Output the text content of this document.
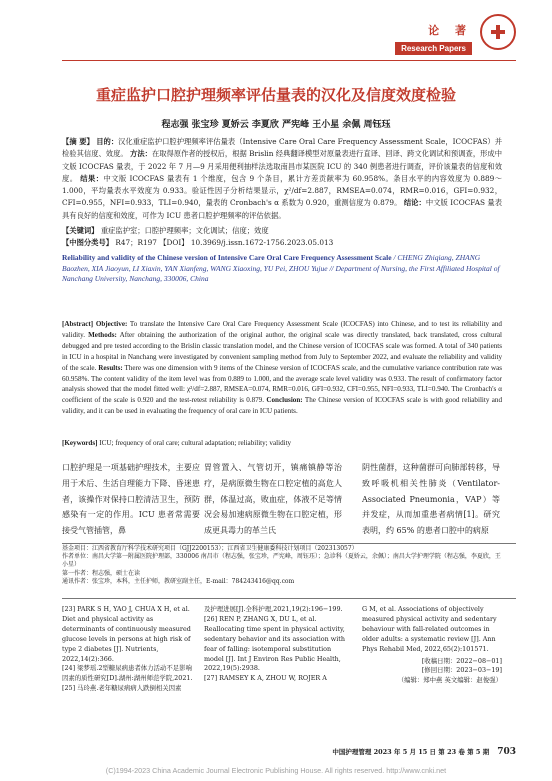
论 著
Research Papers
重症监护口腔护理频率评估量表的汉化及信度效度检验
程志强 张宝珍 夏娇云 李夏欣 严宪峰 王小星 余佩 周钰珏
【摘 要】 目的：汉化重症监护口腔护理频率评估量表（Intensive Care Oral Care Frequency Assessment Scale，ICOCFAS）并检验其信度、效度。 方法：在取得原作者的授权后，根据 Brislin 经典翻译模型对原量表进行直译、回译、跨文化调试和预调查，形成中文版 ICOCFAS 量表，于 2022 年 7 月—9 月采用便利抽样法选取南昌市某医院 ICU 的 340 例患者进行调查，评价该量表的信度和效度。 结果：中文版 ICOCFAS 量表有 1 个维度，包含 9 个条目，累计方差贡献率为 60.958%。条目水平的内容效度为 0.889～1.000，平均量表水平效度为 0.933。验证性因子分析结果显示，χ²/df=2.887，RMSEA=0.074，RMR=0.016，GFI=0.932，CFI=0.955，NFI=0.933，TLI=0.940，量表的 Cronbach's α 系数为 0.920，重测信度为 0.879。 结论：中文版 ICOCFAS 量表具有良好的信度和效度，可作为 ICU 患者口腔护理频率的评估依据。
【关键词】 重症监护室；口腔护理频率；文化调试；信度；效度
【中图分类号】 R47；R197 【DOI】 10.3969/j.issn.1672-1756.2023.05.013
Reliability and validity of the Chinese version of Intensive Care Oral Care Frequency Assessment Scale / CHENG Zhiqiang, ZHANG Baozhen, XIA Jiaoyun, LI Xiaxin, YAN Xianfeng, WANG Xiaoxing, YU Pei, ZHOU Yujue // Department of Nursing, the First Affiliated Hospital of Nanchang University, Nanchang, 330006, China
[Abstract] Objective: To translate the Intensive Care Oral Care Frequency Assessment Scale (ICOCFAS) into Chinese, and to test its reliability and validity. Methods: After obtaining the authorization of the original author, the original scale was directly translated, back translated, cross cultural debugged and pre tested according to the Brislin classic translation model, and the Chinese version of ICOCFAS scale was formed. A total of 340 patients in ICU in a hospital in Nanchang were investigated by convenient sampling method from July to September 2022, and evaluate the reliability and validity of the scale. Results: There was one dimension with 9 items of the Chinese version of ICOCFAS scale, and the cumulative variance contribution rate was 60.958%. The content validity of the item level was from 0.889 to 1.000, and the average scale level validity was 0.933. The result of confirmatory factor analysis showed that the model fitted well: χ²/df=2.887, RMSEA=0.074, RMR=0.016, GFI=0.932, CFI=0.955, NFI=0.933, TLI=0.940. The Cronbach's α coefficient of the scale is 0.920 and the test-retest reliability is 0.879. Conclusion: The Chinese version of ICOCFAS scale is with good reliability and validity, and it can be used in evaluating the frequency of oral care in ICU patients.
[Keywords] ICU; frequency of oral care; cultural adaptation; reliability; validity
口腔护理是一项基础护理技术，主要应用于术后、生活自理能力下降、昏迷患者，该操作对保持口腔清洁卫生，预防感染有一定的作用。ICU 患者常需要接受气管插管，鼻
胃管置入、气管切开，镇痛镇静等治疗，是病原微生物在口腔定植的高危人群，体温过高，败血症，体液不足等情况会易加速病原微生物在口腔定植，形成更具毒力的革兰氏
阴性菌群，这种菌群可向肺部转移，导致呼吸机相关性肺炎（Ventilator-Associated Pneumonia，VAP）等并发症，从而加重患者病情[1]。研究表明，约 65% 的患者口腔中的病原
基金项目：江西省教育厅科学技术研究项目（GJJ2200153）；江西省卫生健康委科技计划项目（202313057）
作者单位：南昌大学第一附属医院护理部，330006 南昌市（程志强，张宝珍，严宪峰，周钰珏）；急诊科（夏娇云，余佩）；南昌大学护理学院（程志强，李夏欣，王小星）
第一作者：程志强，硕士在读
通讯作者：张宝珍，本科，主任护师，教研室副主任，E-mail：784243416@qq.com
[23] PARK S H, YAO J, CHUA X H, et al. Diet and physical activity as determinants of continuously measured glucose levels in persons at high risk of type 2 diabetes [J]. Nutrients, 2022,14(2):366.
[24] 梁梦瑶.2型糖尿病患者体力活动不足影响因素的质性研究[D].湖州:湖州师范学院,2021.
[25] 马玲燕.老年糖尿病病人跌倒相关因素
及护理进展[J].全科护理,2021,19(2):196−199.
[26] REN P, ZHANG X, DU L, et al. Reallocating time spent in physical activity, sedentary behavior and its association with fear of falling: isotemporal substitution model [J]. Int J Environ Res Public Health, 2022,19(5):2938.
[27] RAMSEY K A, ZHOU W, ROJER A
G M, et al. Associations of objectively measured physical activity and sedentary behaviour with fall-related outcomes in older adults: a systematic review [J]. Ann Phys Rehabil Med, 2022,65(2):101571.
[收稿日期：2022−08−01]
[修回日期：2023−03−19]
（编辑：郑中燕 英文编辑：赵俊强）
中国护理管理 2023 年 5 月 15 日 第 23 卷 第 5 期 703
(C)1994-2023 China Academic Journal Electronic Publishing House. All rights reserved. http://www.cnki.net
